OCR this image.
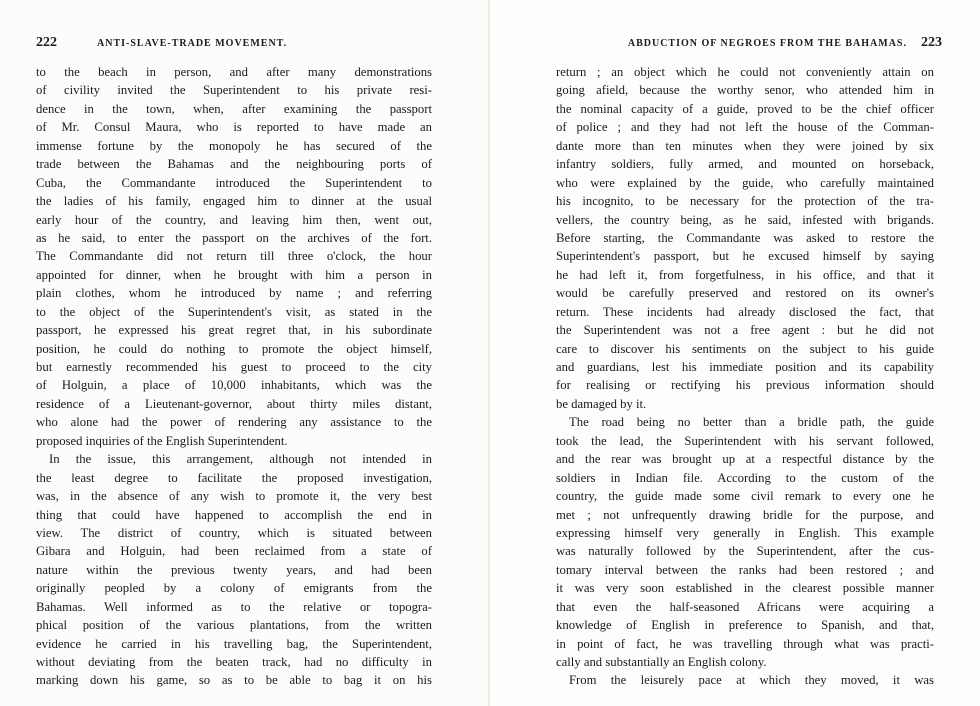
222	ANTI-SLAVE-TRADE MOVEMENT.
to the beach in person, and after many demonstrations
of civility invited the Superintendent to his private resi-
dence in the town, when, after examining the passport
of Mr. Consul Maura, who is reported to have made an
immense fortune by the monopoly he has secured of the
trade between the Bahamas and the neighbouring ports of
Cuba, the Commandante introduced the Superintendent to
the ladies of his family, engaged him to dinner at the usual
early hour of the country, and leaving him then, went out,
as he said, to enter the passport on the archives of the fort.
The Commandante did not return till three o'clock, the hour
appointed for dinner, when he brought with him a person in
plain clothes, whom he introduced by name ; and referring
to the object of the Superintendent's visit, as stated in the
passport, he expressed his great regret that, in his subordinate
position, he could do nothing to promote the object himself,
but earnestly recommended his guest to proceed to the city
of Holguin, a place of 10,000 inhabitants, which was the
residence of a Lieutenant-governor, about thirty miles distant,
who alone had the power of rendering any assistance to the
proposed inquiries of the English Superintendent.
In the issue, this arrangement, although not intended in
the least degree to facilitate the proposed investigation,
was, in the absence of any wish to promote it, the very best
thing that could have happened to accomplish the end in
view. The district of country, which is situated between
Gibara and Holguin, had been reclaimed from a state of
nature within the previous twenty years, and had been
originally peopled by a colony of emigrants from the
Bahamas. Well informed as to the relative or topogra-
phical position of the various plantations, from the written
evidence he carried in his travelling bag, the Superintendent,
without deviating from the beaten track, had no difficulty in
marking down his game, so as to be able to bag it on his
ABDUCTION OF NEGROES FROM THE BAHAMAS. 223
return ; an object which he could not conveniently attain on
going afield, because the worthy senor, who attended him in
the nominal capacity of a guide, proved to be the chief officer
of police ; and they had not left the house of the Comman-
dante more than ten minutes when they were joined by six
infantry soldiers, fully armed, and mounted on horseback,
who were explained by the guide, who carefully maintained
his incognito, to be necessary for the protection of the tra-
vellers, the country being, as he said, infested with brigands.
Before starting, the Commandante was asked to restore the
Superintendent's passport, but he excused himself by saying
he had left it, from forgetfulness, in his office, and that it
would be carefully preserved and restored on its owner's
return. These incidents had already disclosed the fact, that
the Superintendent was not a free agent : but he did not
care to discover his sentiments on the subject to his guide
and guardians, lest his immediate position and its capability
for realising or rectifying his previous information should
be damaged by it.
The road being no better than a bridle path, the guide
took the lead, the Superintendent with his servant followed,
and the rear was brought up at a respectful distance by the
soldiers in Indian file. According to the custom of the
country, the guide made some civil remark to every one he
met ; not unfrequently drawing bridle for the purpose, and
expressing himself very generally in English. This example
was naturally followed by the Superintendent, after the cus-
tomary interval between the ranks had been restored ; and
it was very soon established in the clearest possible manner
that even the half-seasoned Africans were acquiring a
knowledge of English in preference to Spanish, and that,
in point of fact, he was travelling through what was practi-
cally and substantially an English colony.
From the leisurely pace at which they moved, it was
